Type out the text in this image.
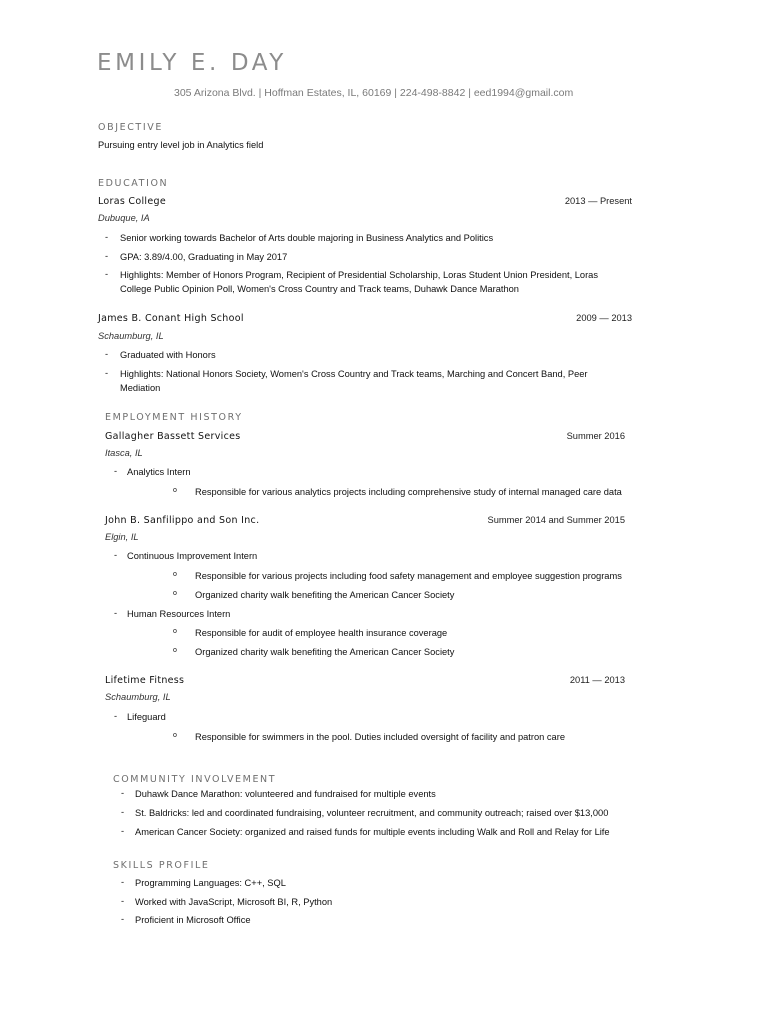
EMILY E. DAY
305 Arizona Blvd. | Hoffman Estates, IL, 60169 | 224-498-8842 | eed1994@gmail.com
OBJECTIVE
Pursuing entry level job in Analytics field
EDUCATION
Loras College	2013 — Present
Dubuque, IA
- Senior working towards Bachelor of Arts double majoring in Business Analytics and Politics
- GPA: 3.89/4.00, Graduating in May 2017
- Highlights: Member of Honors Program, Recipient of Presidential Scholarship, Loras Student Union President, Loras College Public Opinion Poll, Women's Cross Country and Track teams, Duhawk Dance Marathon
James B. Conant High School	2009 — 2013
Schaumburg, IL
- Graduated with Honors
- Highlights: National Honors Society, Women's Cross Country and Track teams, Marching and Concert Band, Peer Mediation
EMPLOYMENT HISTORY
Gallagher Bassett Services	Summer 2016
Itasca, IL
- Analytics Intern
o Responsible for various analytics projects including comprehensive study of internal managed care data
John B. Sanfilippo and Son Inc.	Summer 2014 and Summer 2015
Elgin, IL
- Continuous Improvement Intern
o Responsible for various projects including food safety management and employee suggestion programs
o Organized charity walk benefiting the American Cancer Society
- Human Resources Intern
o Responsible for audit of employee health insurance coverage
o Organized charity walk benefiting the American Cancer Society
Lifetime Fitness	2011 — 2013
Schaumburg, IL
- Lifeguard
o Responsible for swimmers in the pool. Duties included oversight of facility and patron care
COMMUNITY INVOLVEMENT
- Duhawk Dance Marathon: volunteered and fundraised for multiple events
- St. Baldricks: led and coordinated fundraising, volunteer recruitment, and community outreach; raised over $13,000
- American Cancer Society: organized and raised funds for multiple events including Walk and Roll and Relay for Life
SKILLS PROFILE
- Programming Languages: C++, SQL
- Worked with JavaScript, Microsoft BI, R, Python
- Proficient in Microsoft Office
